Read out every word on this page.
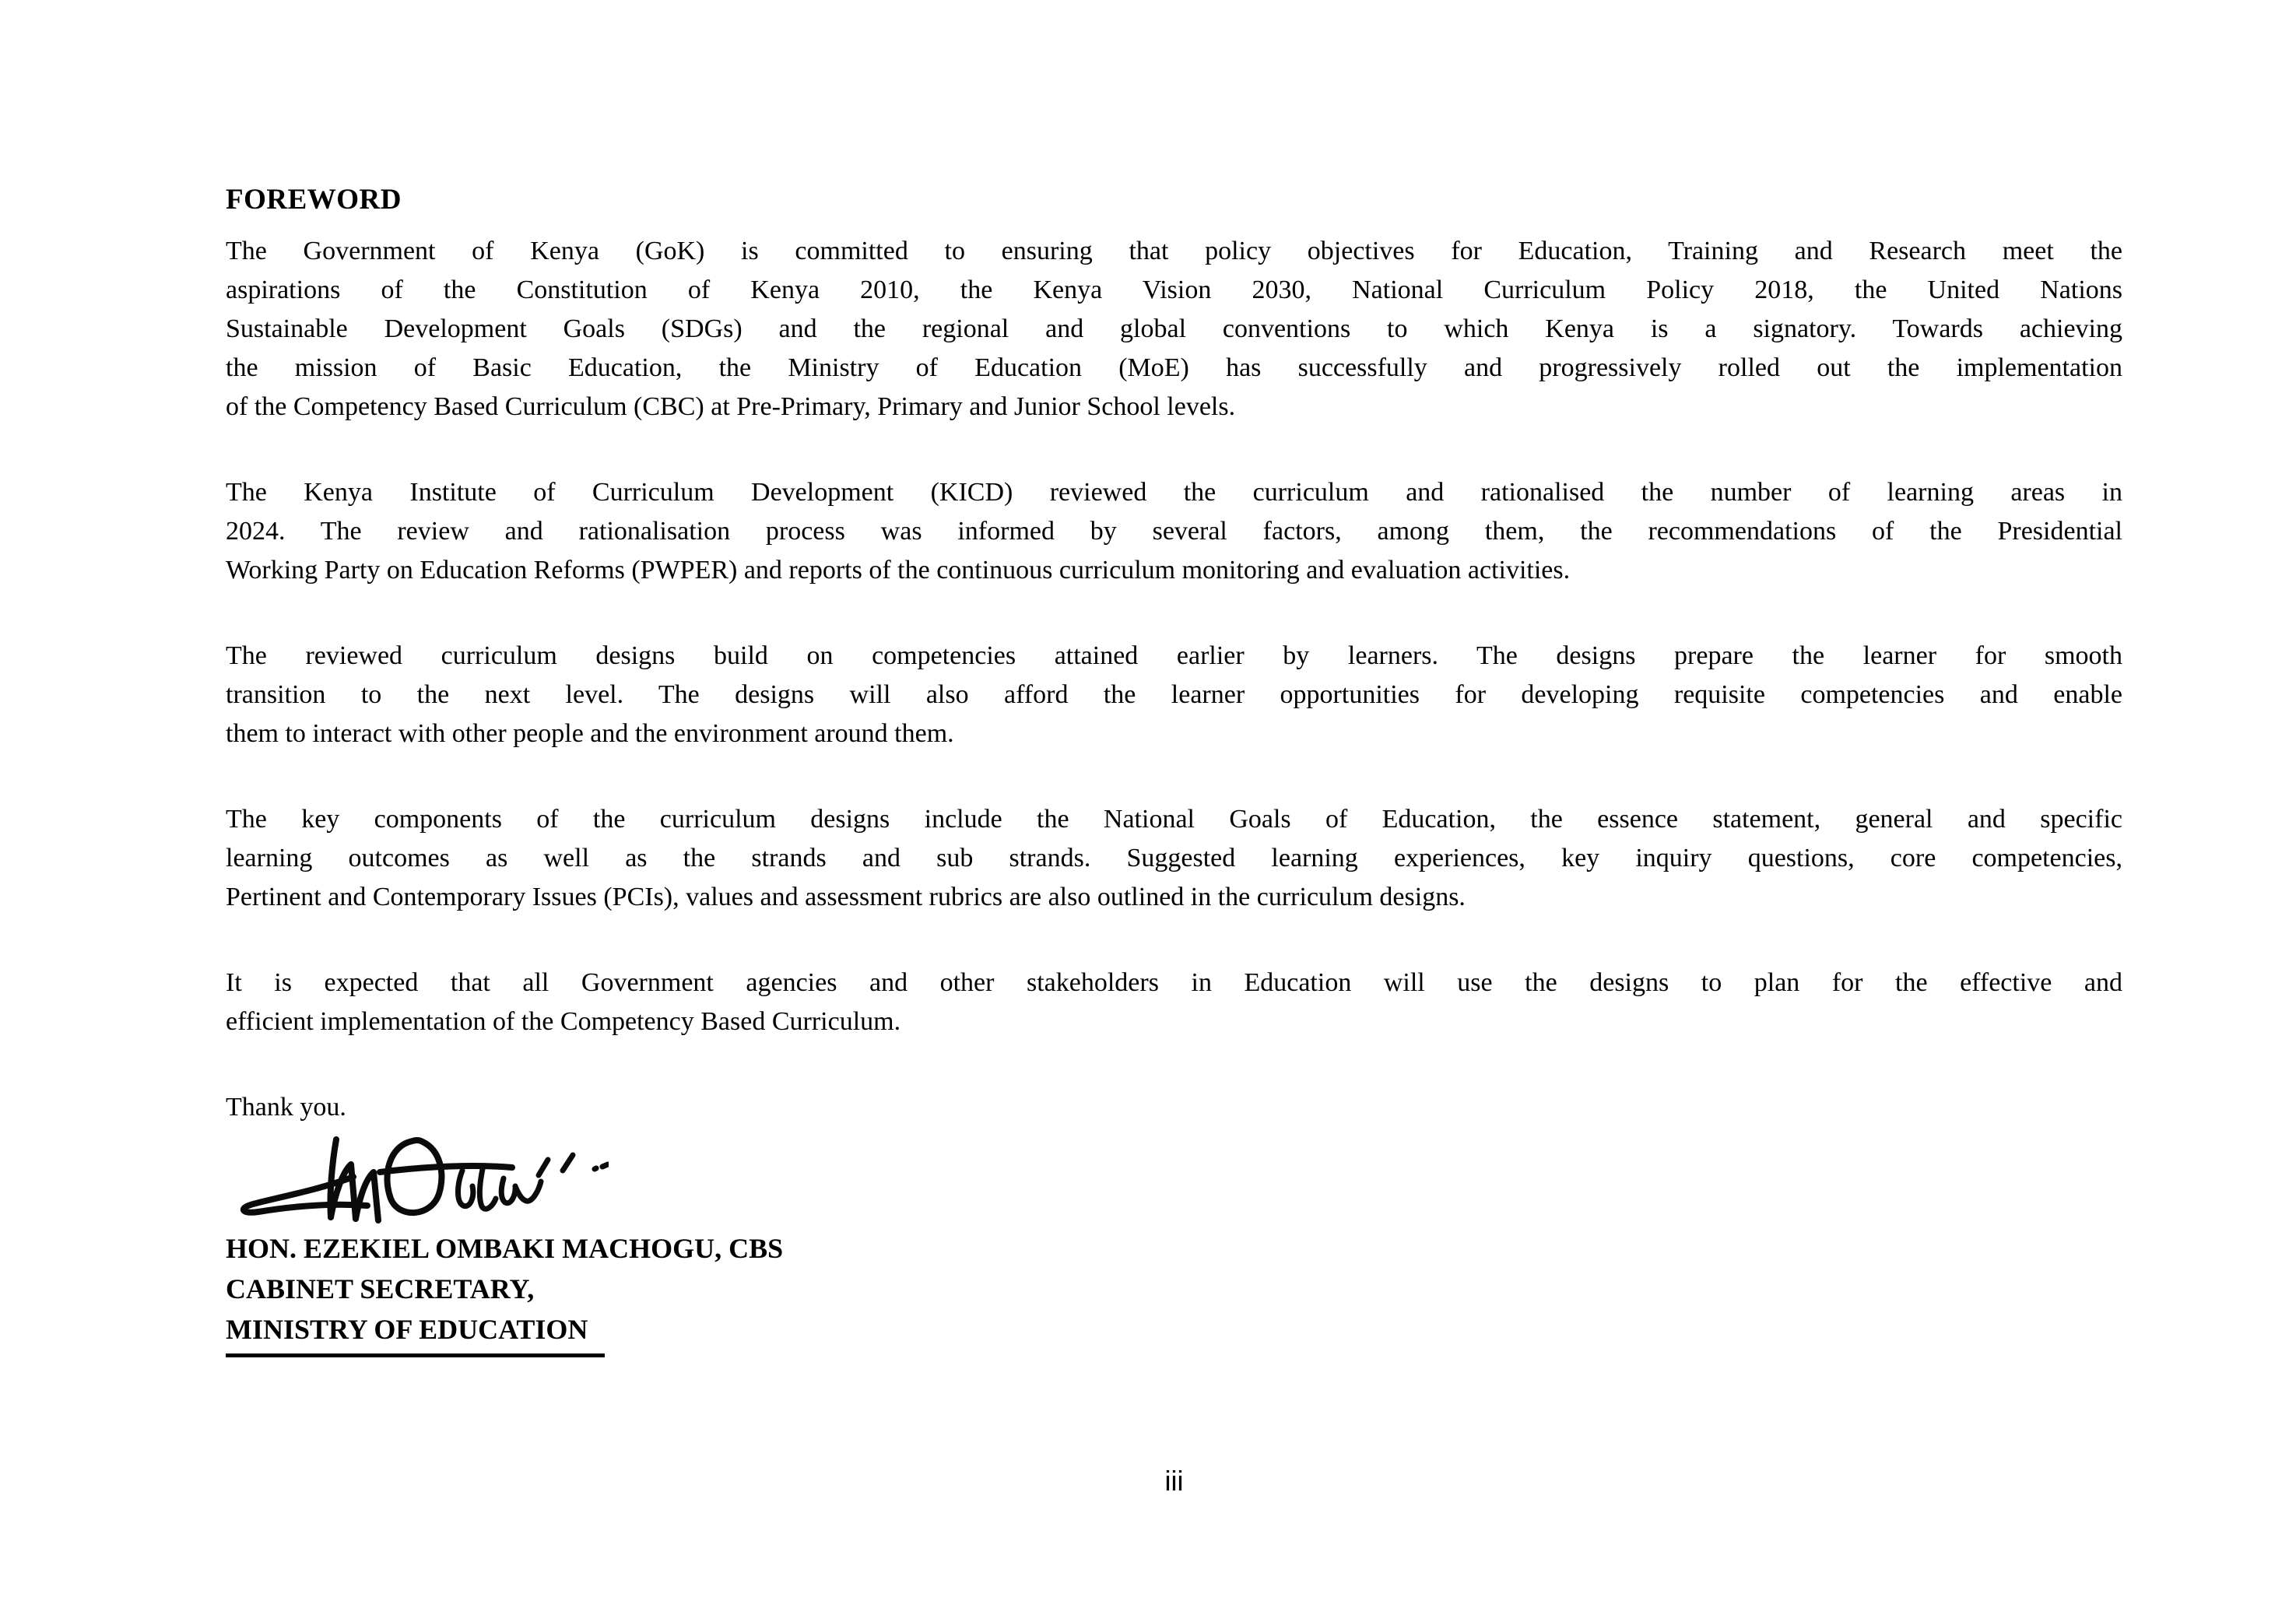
FOREWORD
The Government of Kenya (GoK) is committed to ensuring that policy objectives for Education, Training and Research meet the
aspirations of the Constitution of Kenya 2010, the Kenya Vision 2030, National Curriculum Policy 2018, the United Nations
Sustainable Development Goals (SDGs) and the regional and global conventions to which Kenya is a signatory. Towards achieving
the mission of Basic Education, the Ministry of Education (MoE) has successfully and progressively rolled out the implementation
of the Competency Based Curriculum (CBC) at Pre-Primary, Primary and Junior School levels.
The Kenya Institute of Curriculum Development (KICD) reviewed the curriculum and rationalised the number of learning areas in
2024. The review and rationalisation process was informed by several factors, among them, the recommendations of the Presidential
Working Party on Education Reforms (PWPER) and reports of the continuous curriculum monitoring and evaluation activities.
The reviewed curriculum designs build on competencies attained earlier by learners. The designs prepare the learner for smooth
transition to the next level. The designs will also afford the learner opportunities for developing requisite competencies and enable
them to interact with other people and the environment around them.
The key components of the curriculum designs include the National Goals of Education, the essence statement, general and specific
learning outcomes as well as the strands and sub strands. Suggested learning experiences, key inquiry questions, core competencies,
Pertinent and Contemporary Issues (PCIs), values and assessment rubrics are also outlined in the curriculum designs.
It is expected that all Government agencies and other stakeholders in Education will use the designs to plan for the effective and
efficient implementation of the Competency Based Curriculum.

Thank you.

HON. EZEKIEL OMBAKI MACHOGU, CBS
CABINET SECRETARY,
MINISTRY OF EDUCATION
iii
